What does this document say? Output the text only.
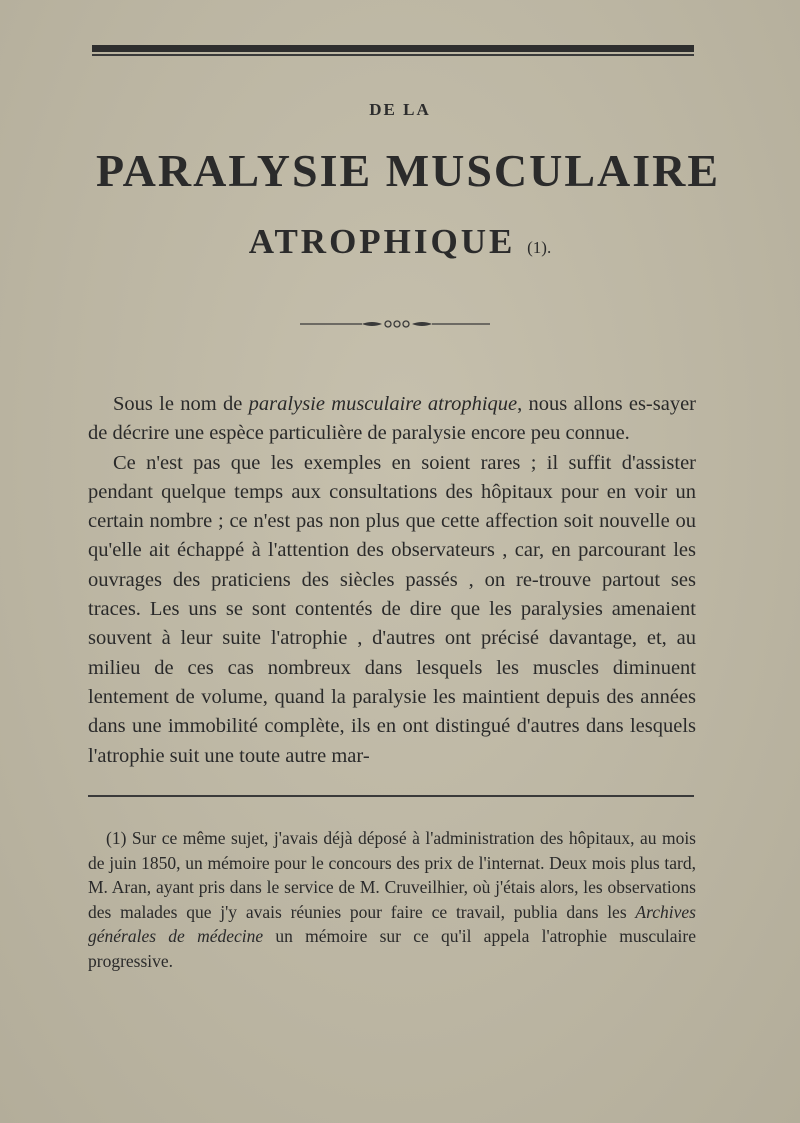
DE LA
PARALYSIE MUSCULAIRE
ATROPHIQUE (1).

Sous le nom de paralysie musculaire atrophique, nous allons es-sayer de décrire une espèce particulière de paralysie encore peu connue.

Ce n'est pas que les exemples en soient rares ; il suffit d'assister pendant quelque temps aux consultations des hôpitaux pour en voir un certain nombre ; ce n'est pas non plus que cette affection soit nouvelle ou qu'elle ait échappé à l'attention des observateurs , car, en parcourant les ouvrages des praticiens des siècles passés , on re-trouve partout ses traces. Les uns se sont contentés de dire que les paralysies amenaient souvent à leur suite l'atrophie , d'autres ont précisé davantage, et, au milieu de ces cas nombreux dans lesquels les muscles diminuent lentement de volume, quand la paralysie les maintient depuis des années dans une immobilité complète, ils en ont distingué d'autres dans lesquels l'atrophie suit une toute autre mar-

(1) Sur ce même sujet, j'avais déjà déposé à l'administration des hôpitaux, au mois de juin 1850, un mémoire pour le concours des prix de l'internat. Deux mois plus tard, M. Aran, ayant pris dans le service de M. Cruveilhier, où j'étais alors, les observations des malades que j'y avais réunies pour faire ce travail, publia dans les Archives générales de médecine un mémoire sur ce qu'il appela l'atrophie musculaire progressive.
